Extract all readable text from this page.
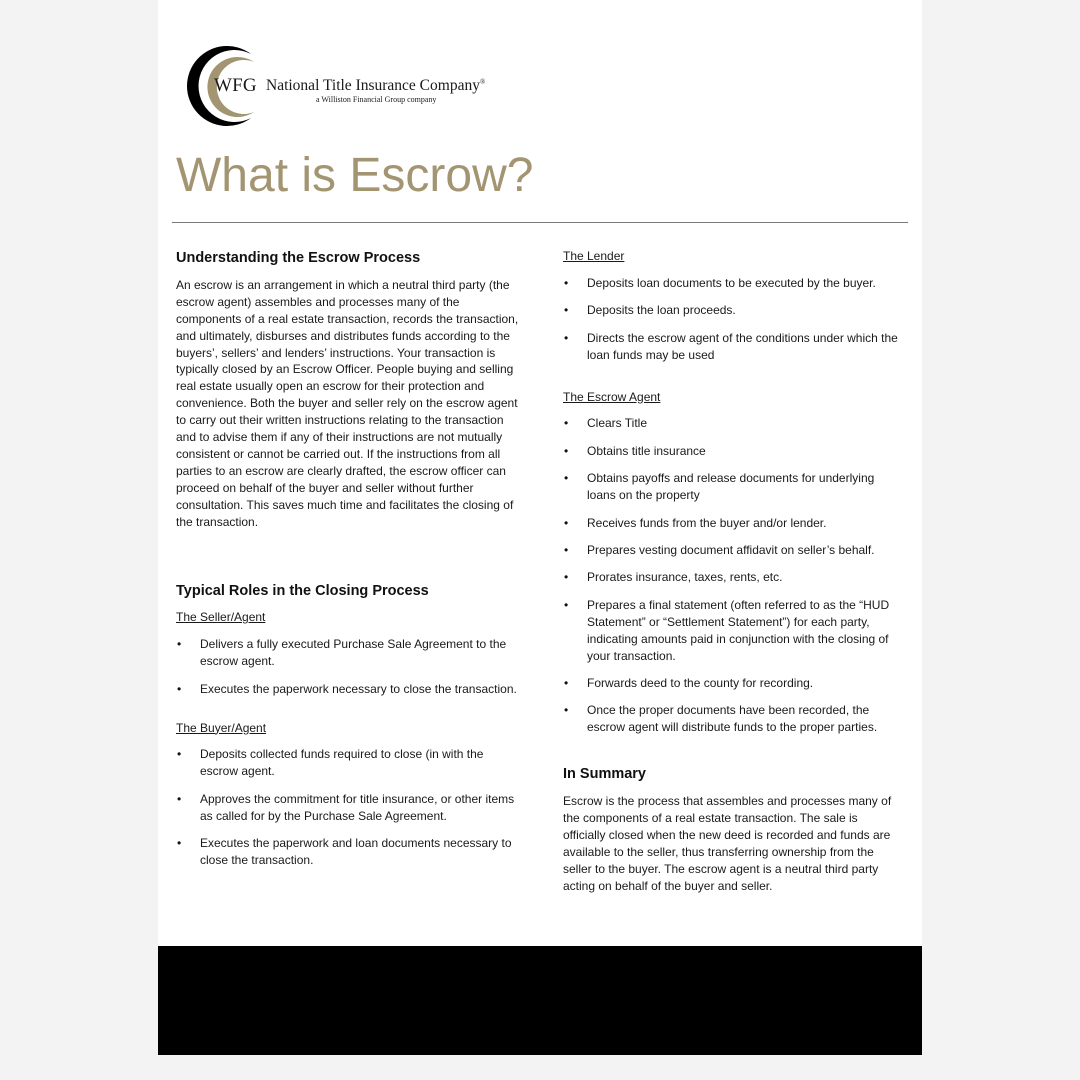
WFG National Title Insurance Company®
a Williston Financial Group company
What is Escrow?
Understanding the Escrow Process

An escrow is an arrangement in which a neutral third party (the escrow agent) assembles and processes many of the components of a real estate transaction, records the transaction, and ultimately, disburses and distributes funds according to the buyers’, sellers’ and lenders’ instructions. Your transaction is typically closed by an Escrow Officer. People buying and selling real estate usually open an escrow for their protection and convenience. Both the buyer and seller rely on the escrow agent to carry out their written instructions relating to the transaction and to advise them if any of their instructions are not mutually consistent or cannot be carried out. If the instructions from all parties to an escrow are clearly drafted, the escrow officer can proceed on behalf of the buyer and seller without further consultation. This saves much time and facilitates the closing of the transaction.

Typical Roles in the Closing Process
The Seller/Agent
• Delivers a fully executed Purchase Sale Agreement to the escrow agent.
• Executes the paperwork necessary to close the transaction.
The Buyer/Agent
• Deposits collected funds required to close (in with the escrow agent.
• Approves the commitment for title insurance, or other items as called for by the Purchase Sale Agreement.
• Executes the paperwork and loan documents necessary to close the transaction.
The Lender
• Deposits loan documents to be executed by the buyer.
• Deposits the loan proceeds.
• Directs the escrow agent of the conditions under which the loan funds may be used
The Escrow Agent
• Clears Title
• Obtains title insurance
• Obtains payoffs and release documents for underlying loans on the property
• Receives funds from the buyer and/or lender.
• Prepares vesting document affidavit on seller’s behalf.
• Prorates insurance, taxes, rents, etc.
• Prepares a final statement (often referred to as the “HUD Statement” or “Settlement Statement”) for each party, indicating amounts paid in conjunction with the closing of your transaction.
• Forwards deed to the county for recording.
• Once the proper documents have been recorded, the escrow agent will distribute funds to the proper parties.
In Summary

Escrow is the process that assembles and processes many of the components of a real estate transaction. The sale is officially closed when the new deed is recorded and funds are available to the seller, thus transferring ownership from the seller to the buyer. The escrow agent is a neutral third party acting on behalf of the buyer and seller.
